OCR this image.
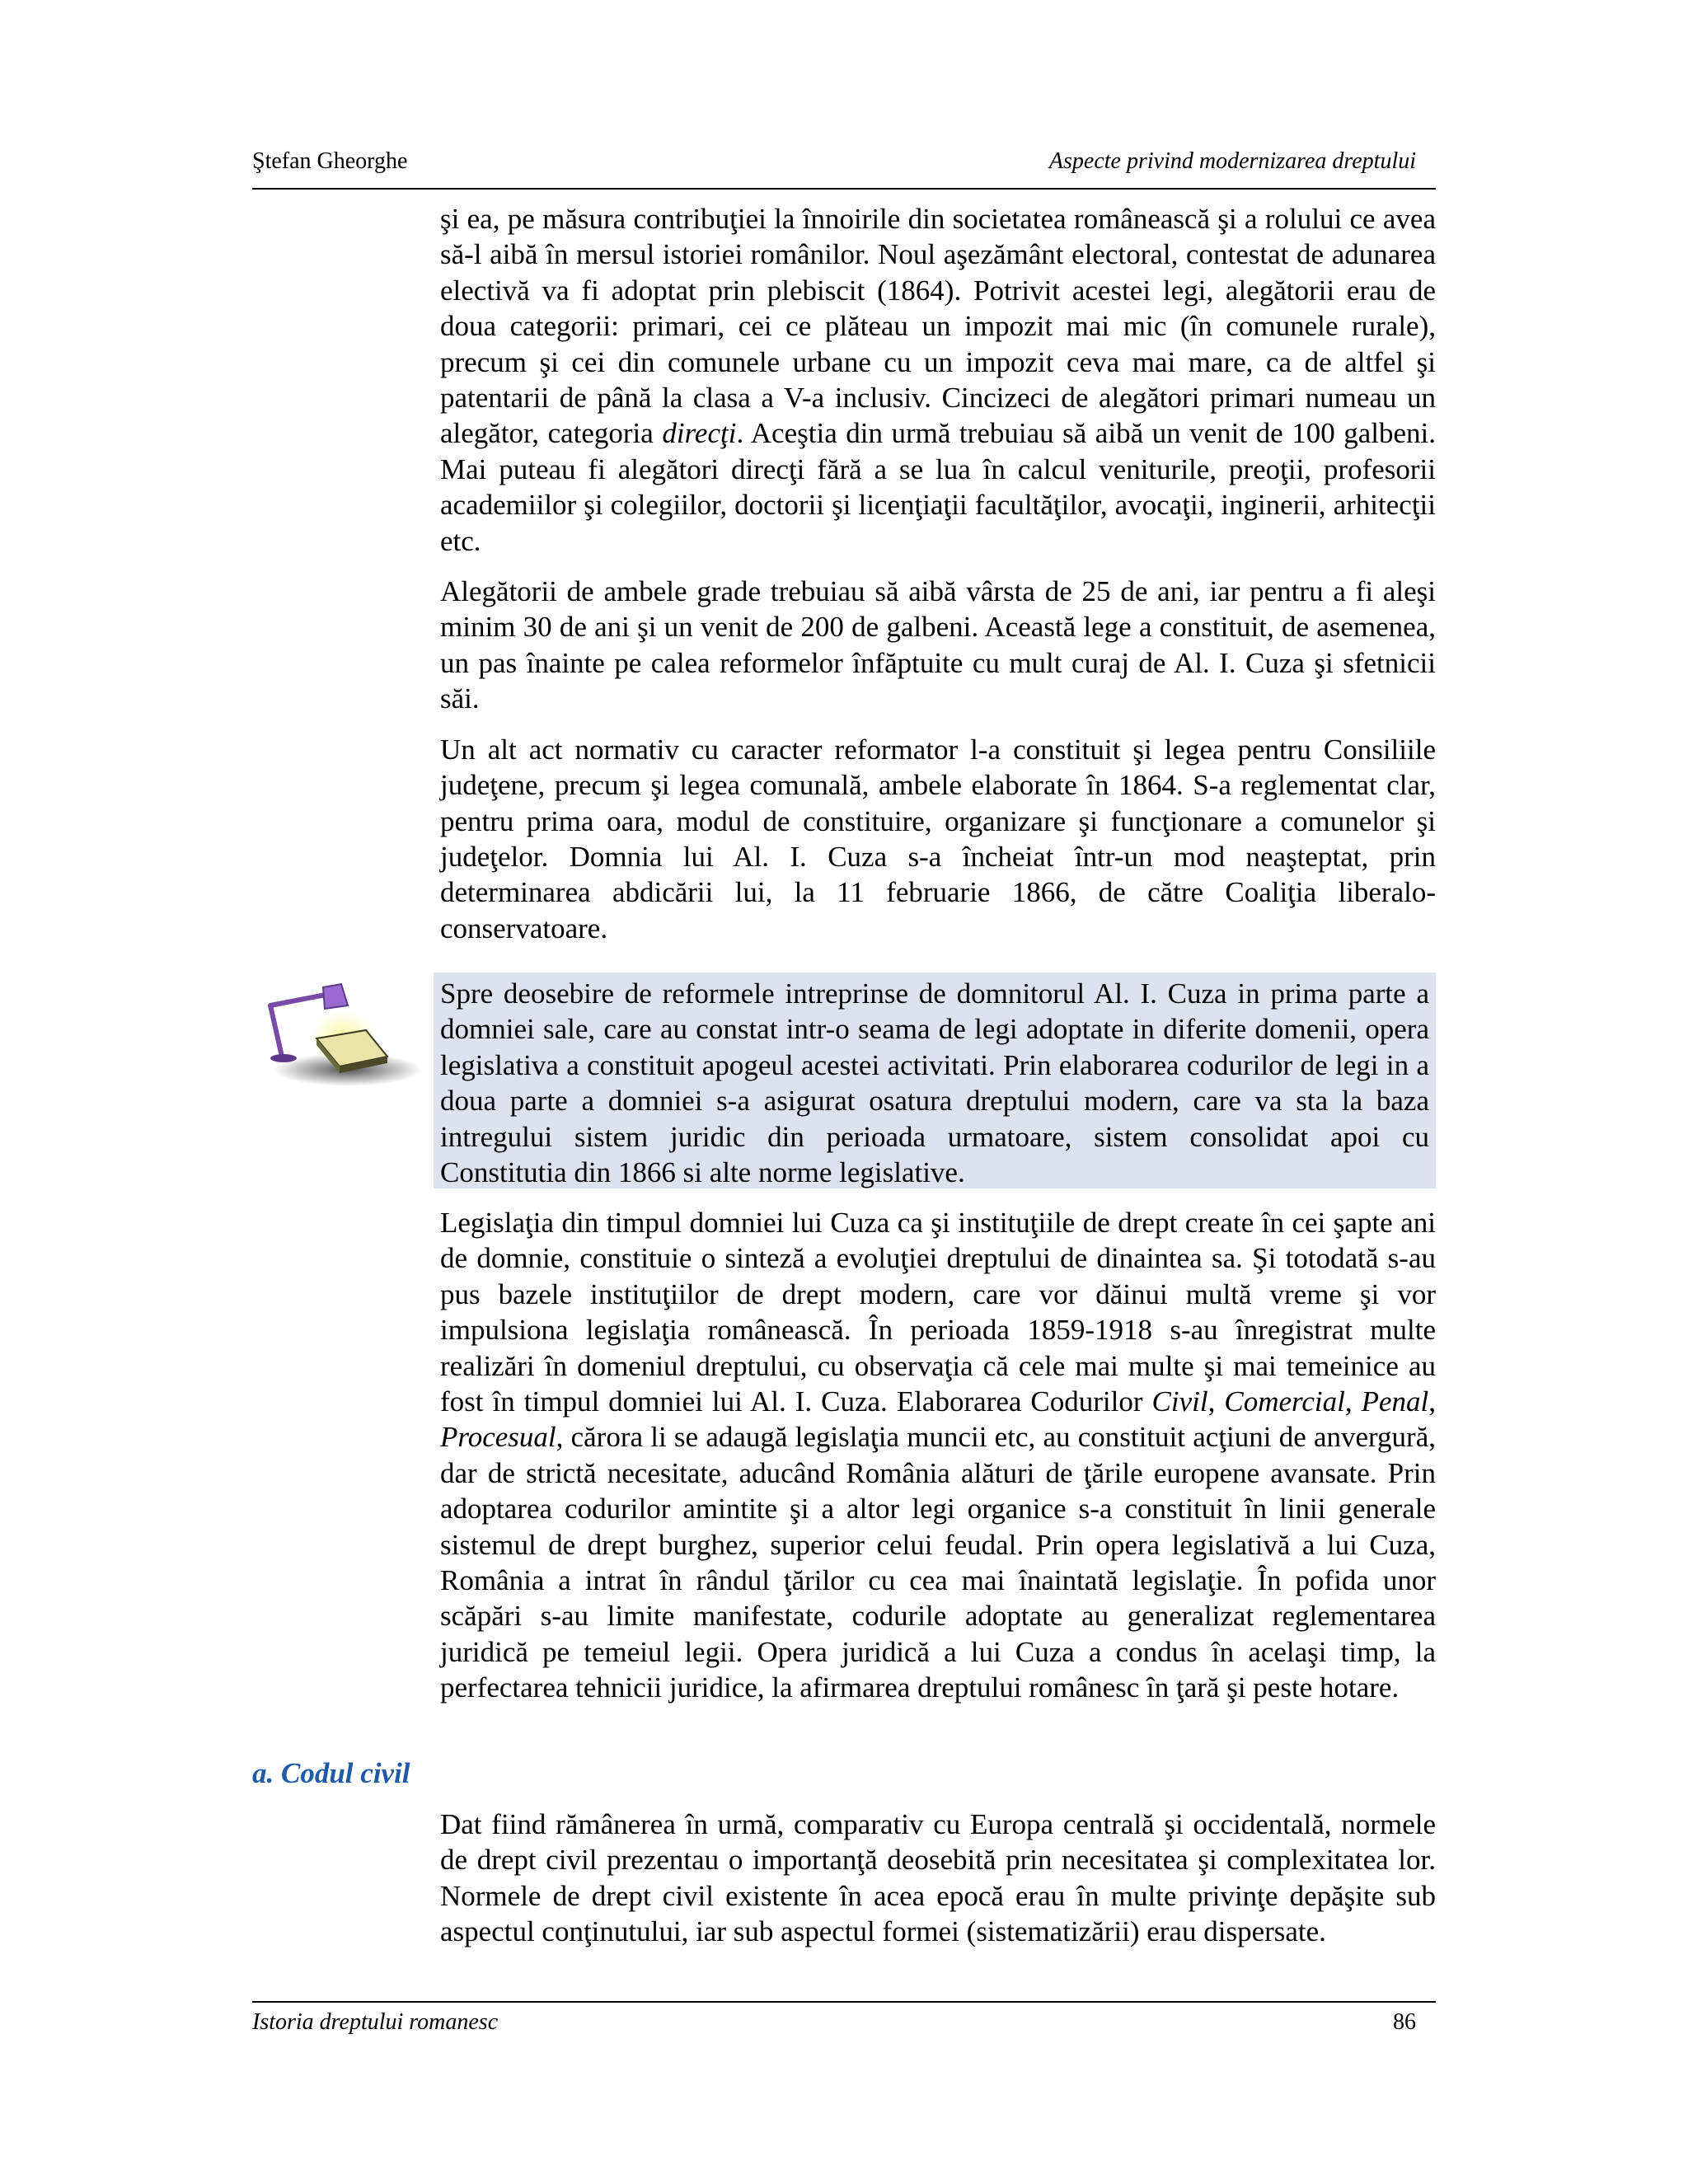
Ştefan Gheorghe	Aspecte privind modernizarea dreptului

şi ea, pe măsura contribuţiei la înnoirile din societatea românească şi a rolului ce avea să-l aibă în mersul istoriei românilor. Noul aşezământ electoral, contestat de adunarea electivă va fi adoptat prin plebiscit (1864). Potrivit acestei legi, alegătorii erau de doua categorii: primari, cei ce plăteau un impozit mai mic (în comunele rurale), precum şi cei din comunele urbane cu un impozit ceva mai mare, ca de altfel şi patentarii de până la clasa a V-a inclusiv. Cincizeci de alegători primari numeau un alegător, categoria direcţi. Aceştia din urmă trebuiau să aibă un venit de 100 galbeni. Mai puteau fi alegători direcţi fără a se lua în calcul veniturile, preoţii, profesorii academiilor şi colegiilor, doctorii şi licenţiaţii facultăţilor, avocaţii, inginerii, arhitecţii etc.

Alegătorii de ambele grade trebuiau să aibă vârsta de 25 de ani, iar pentru a fi aleşi minim 30 de ani şi un venit de 200 de galbeni. Această lege a constituit, de asemenea, un pas înainte pe calea reformelor înfăptuite cu mult curaj de Al. I. Cuza şi sfetnicii săi.

Un alt act normativ cu caracter reformator l-a constituit şi legea pentru Consiliile judeţene, precum şi legea comunală, ambele elaborate în 1864. S-a reglementat clar, pentru prima oara, modul de constituire, organizare şi funcţionare a comunelor şi judeţelor. Domnia lui Al. I. Cuza s-a încheiat într-un mod neaşteptat, prin determinarea abdicării lui, la 11 februarie 1866, de către Coaliţia liberalo-conservatoare.

Spre deosebire de reformele intreprinse de domnitorul Al. I. Cuza in prima parte a domniei sale, care au constat intr-o seama de legi adoptate in diferite domenii, opera legislativa a constituit apogeul acestei activitati. Prin elaborarea codurilor de legi in a doua parte a domniei s-a asigurat osatura dreptului modern, care va sta la baza intregului sistem juridic din perioada urmatoare, sistem consolidat apoi cu Constitutia din 1866 si alte norme legislative.

Legislaţia din timpul domniei lui Cuza ca şi instituţiile de drept create în cei şapte ani de domnie, constituie o sinteză a evoluţiei dreptului de dinaintea sa. Şi totodată s-au pus bazele instituţiilor de drept modern, care vor dăinui multă vreme şi vor impulsiona legislaţia românească. În perioada 1859-1918 s-au înregistrat multe realizări în domeniul dreptului, cu observaţia că cele mai multe şi mai temeinice au fost în timpul domniei lui Al. I. Cuza. Elaborarea Codurilor Civil, Comercial, Penal, Procesual, cărora li se adaugă legislaţia muncii etc, au constituit acţiuni de anvergură, dar de strictă necesitate, aducând România alături de ţările europene avansate. Prin adoptarea codurilor amintite şi a altor legi organice s-a constituit în linii generale sistemul de drept burghez, superior celui feudal. Prin opera legislativă a lui Cuza, România a intrat în rândul ţărilor cu cea mai înaintată legislaţie. În pofida unor scăpări s-au limite manifestate, codurile adoptate au generalizat reglementarea juridică pe temeiul legii. Opera juridică a lui Cuza a condus în acelaşi timp, la perfectarea tehnicii juridice, la afirmarea dreptului românesc în ţară şi peste hotare.

a. Codul civil

Dat fiind rămânerea în urmă, comparativ cu Europa centrală şi occidentală, normele de drept civil prezentau o importanţă deosebită prin necesitatea şi complexitatea lor. Normele de drept civil existente în acea epocă erau în multe privinţe depăşite sub aspectul conţinutului, iar sub aspectul formei (sistematizării) erau dispersate.

Istoria dreptului romanesc	86
